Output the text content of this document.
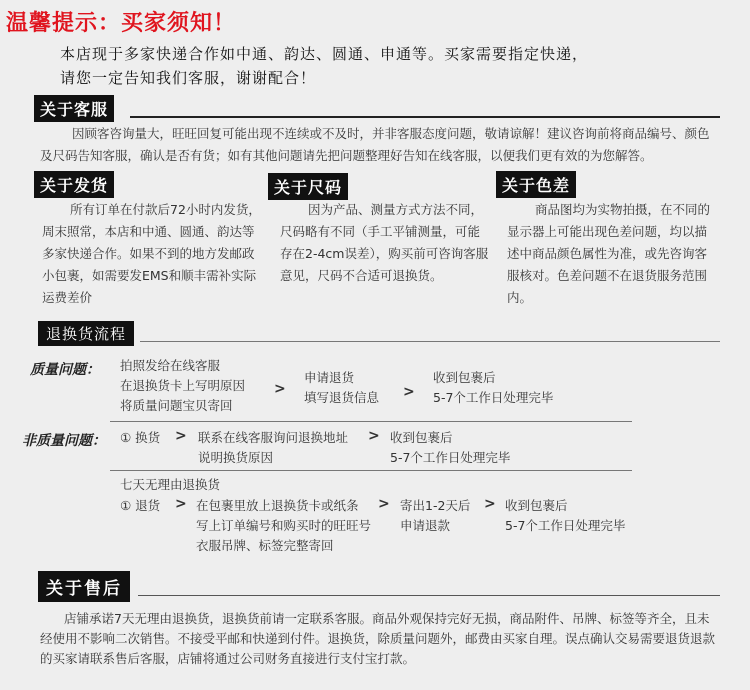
温馨提示：买家须知！
本店现于多家快递合作如中通、韵达、圆通、申通等。买家需要指定快递，
请您一定告知我们客服，谢谢配合！
关于客服
因顾客咨询量大，旺旺回复可能出现不连续或不及时，并非客服态度问题，敬请谅解！建议咨询前将商品编号、颜色及尺码告知客服，确认是否有货；如有其他问题请先把问题整理好告知在线客服，以便我们更有效的为您解答。
关于发货
所有订单在付款后72小时内发货，周末照常，本店和中通、圆通、韵达等多家快递合作。如果不到的地方发邮政小包裹，如需要发EMS和顺丰需补实际运费差价
关于尺码
因为产品、测量方式方法不同，尺码略有不同（手工平铺测量，可能存在2-4cm误差），购买前可咨询客服意见，尺码不合适可退换货。
关于色差
商品图均为实物拍摄，在不同的显示器上可能出现色差问题，均以描述中商品颜色属性为准，或先咨询客服核对。色差问题不在退货服务范围内。
退换货流程
质量问题： 拍照发给在线客服
在退换货卡上写明原因
将质量问题宝贝寄回
>
申请退货
填写退货信息 >
收到包裹后
5-7个工作日处理完毕
非质量问题： ① 换货 > 联系在线客服询问退换地址
说明换货原因
> 收到包裹后
5-7个工作日处理完毕
七天无理由退换货
① 退货 > 在包裹里放上退换货卡或纸条
写上订单编号和购买时的旺旺号
衣服吊牌、标签完整寄回
> 寄出1-2天后
申请退款
> 收到包裹后
5-7个工作日处理完毕
关于售后
店铺承诺7天无理由退换货，退换货前请一定联系客服。商品外观保持完好无损，商品附件、吊牌、标签等齐全，且未经使用不影响二次销售。不接受平邮和快递到付件。退换货，除质量问题外，邮费由买家自理。误点确认交易需要退货退款的买家请联系售后客服，店铺将通过公司财务直接进行支付宝打款。
